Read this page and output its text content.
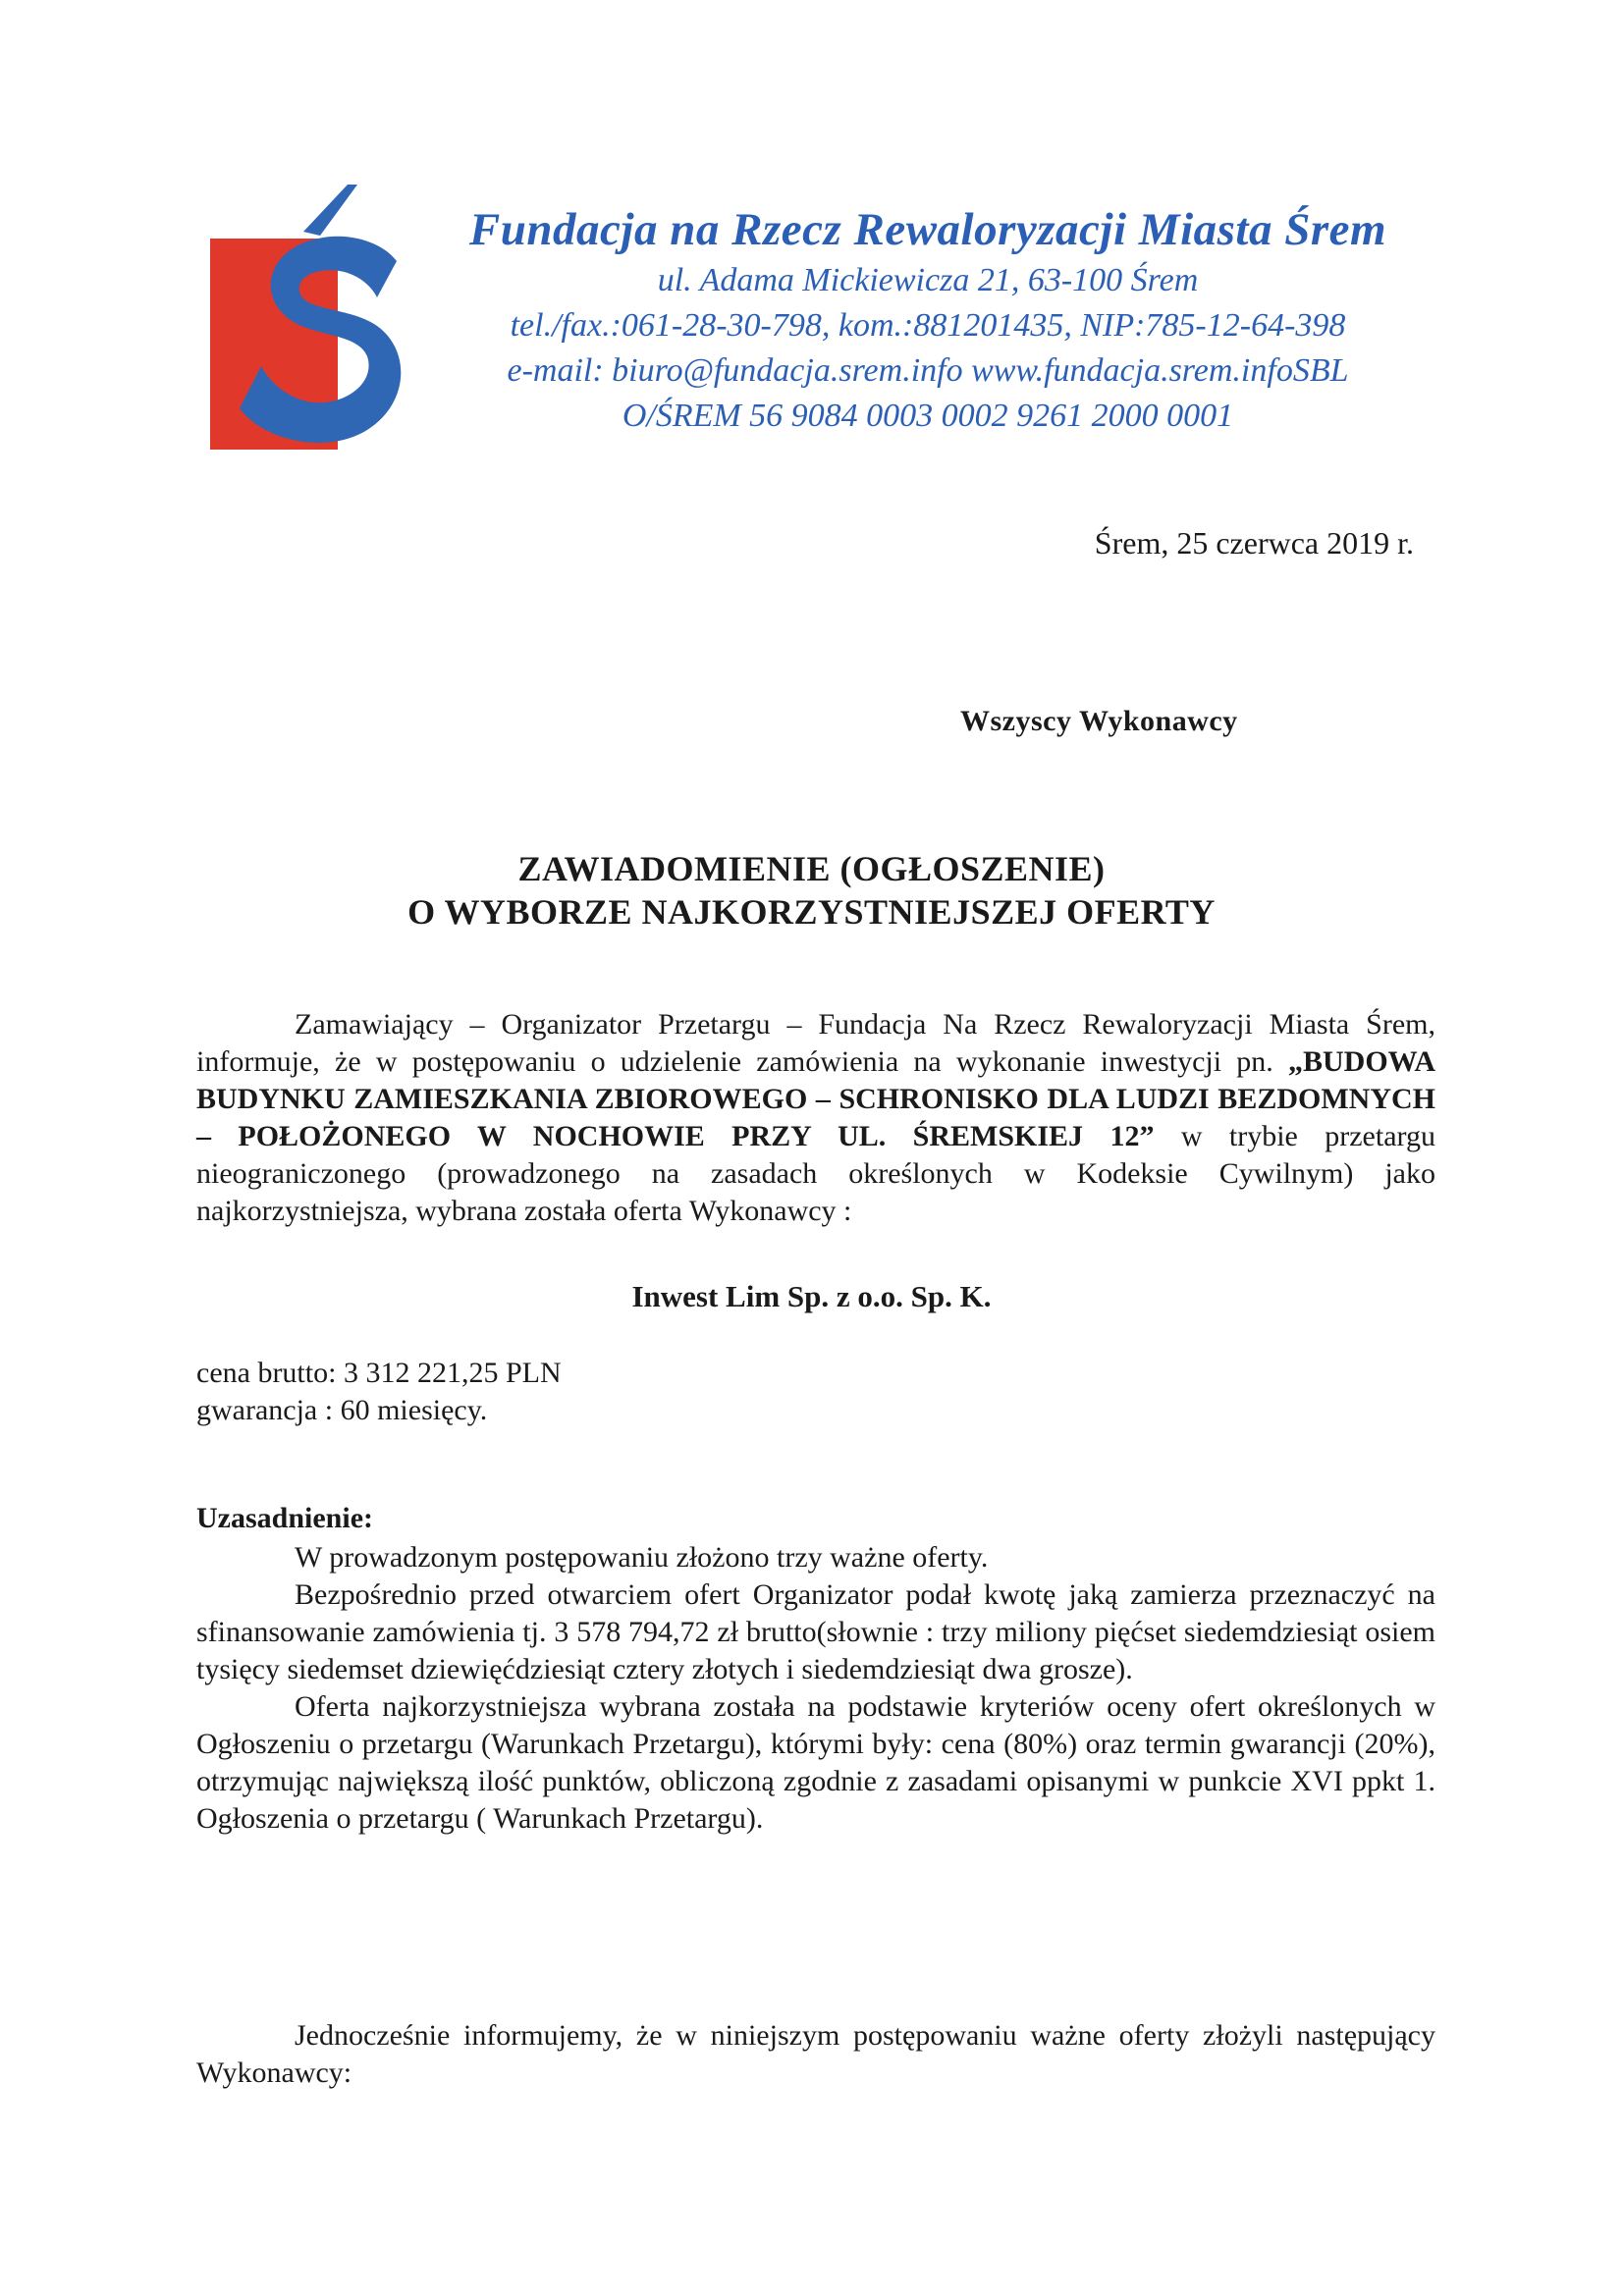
Fundacja na Rzecz Rewaloryzacji Miasta Śrem
ul. Adama Mickiewicza 21, 63-100 Śrem
tel./fax.:061-28-30-798, kom.:881201435, NIP:785-12-64-398
e-mail: biuro@fundacja.srem.info www.fundacja.srem.infoSBL
O/ŚREM 56 9084 0003 0002 9261 2000 0001
Śrem, 25 czerwca 2019 r.
Wszyscy Wykonawcy
ZAWIADOMIENIE (OGŁOSZENIE)
O WYBORZE NAJKORZYSTNIEJSZEJ OFERTY
Zamawiający – Organizator Przetargu – Fundacja Na Rzecz Rewaloryzacji Miasta Śrem, informuje, że w postępowaniu o udzielenie zamówienia na wykonanie inwestycji pn. „BUDOWA BUDYNKU ZAMIESZKANIA ZBIOROWEGO – SCHRONISKO DLA LUDZI BEZDOMNYCH – POŁOŻONEGO W NOCHOWIE PRZY UL. ŚREMSKIEJ 12” w trybie przetargu nieograniczonego (prowadzonego na zasadach określonych w Kodeksie Cywilnym) jako najkorzystniejsza, wybrana została oferta Wykonawcy :
Inwest Lim Sp. z o.o. Sp. K.
cena brutto: 3 312 221,25 PLN
gwarancja : 60 miesięcy.
Uzasadnienie:

W prowadzonym postępowaniu złożono trzy ważne oferty.

Bezpośrednio przed otwarciem ofert Organizator podał kwotę jaką zamierza przeznaczyć na sfinansowanie zamówienia tj. 3 578 794,72 zł brutto(słownie : trzy miliony pięćset siedemdziesiąt osiem tysięcy siedemset dziewięćdziesiąt cztery złotych i siedemdziesiąt dwa grosze).

Oferta najkorzystniejsza wybrana została na podstawie kryteriów oceny ofert określonych w Ogłoszeniu o przetargu (Warunkach Przetargu), którymi były: cena (80%) oraz termin gwarancji (20%), otrzymując największą ilość punktów, obliczoną zgodnie z zasadami opisanymi w punkcie XVI ppkt 1. Ogłoszenia o przetargu ( Warunkach Przetargu).

Jednocześnie informujemy, że w niniejszym postępowaniu ważne oferty złożyli następujący Wykonawcy:
